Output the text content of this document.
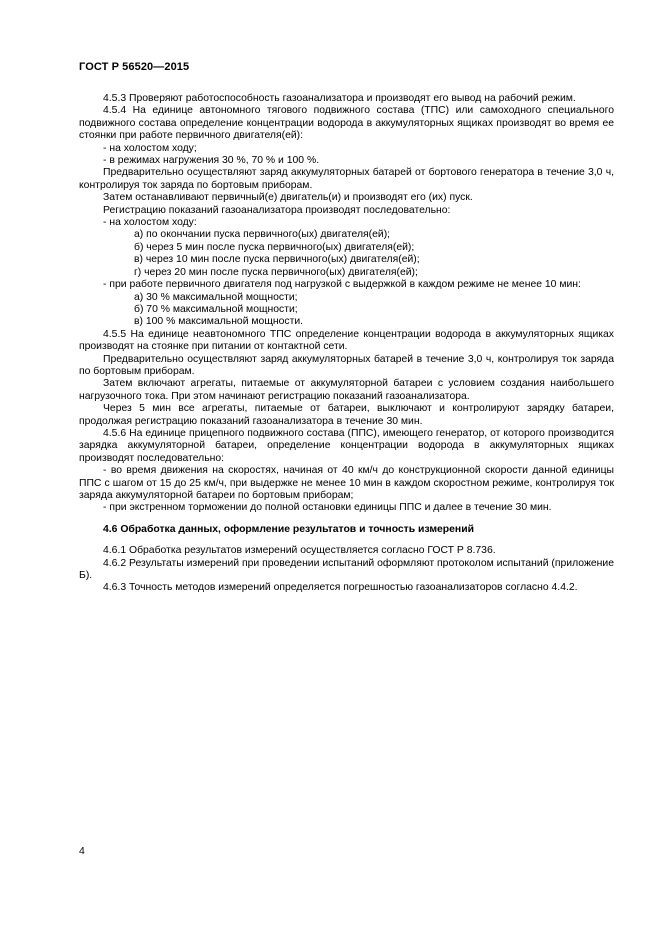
ГОСТ Р 56520—2015

4.5.3 Проверяют работоспособность газоанализатора и производят его вывод на рабочий режим.

4.5.4 На единице автономного тягового подвижного состава (ТПС) или самоходного специального подвижного состава определение концентрации водорода в аккумуляторных ящиках производят во время ее стоянки при работе первичного двигателя(ей):

- на холостом ходу;

- в режимах нагружения 30 %, 70 % и 100 %.

Предварительно осуществляют заряд аккумуляторных батарей от бортового генератора в течение 3,0 ч, контролируя ток заряда по бортовым приборам.

Затем останавливают первичный(е) двигатель(и) и производят его (их) пуск.

Регистрацию показаний газоанализатора производят последовательно:

- на холостом ходу:

а) по окончании пуска первичного(ых) двигателя(ей);

б) через 5 мин после пуска первичного(ых) двигателя(ей);

в) через 10 мин после пуска первичного(ых) двигателя(ей);

г) через 20 мин после пуска первичного(ых) двигателя(ей);

- при работе первичного двигателя под нагрузкой с выдержкой в каждом режиме не менее 10 мин:

а) 30 % максимальной мощности;

б) 70 % максимальной мощности;

в) 100 % максимальной мощности.

4.5.5 На единице неавтономного ТПС определение концентрации водорода в аккумуляторных ящиках производят на стоянке при питании от контактной сети.

Предварительно осуществляют заряд аккумуляторных батарей в течение 3,0 ч, контролируя ток заряда по бортовым приборам.

Затем включают агрегаты, питаемые от аккумуляторной батареи с условием создания наибольшего нагрузочного тока. При этом начинают регистрацию показаний газоанализатора.

Через 5 мин все агрегаты, питаемые от батареи, выключают и контролируют зарядку батареи, продолжая регистрацию показаний газоанализатора в течение 30 мин.

4.5.6 На единице прицепного подвижного состава (ППС), имеющего генератор, от которого производится зарядка аккумуляторной батареи, определение концентрации водорода в аккумуляторных ящиках производят последовательно:

- во время движения на скоростях, начиная от 40 км/ч до конструкционной скорости данной единицы ППС с шагом от 15 до 25 км/ч, при выдержке не менее 10 мин в каждом скоростном режиме, контролируя ток заряда аккумуляторной батареи по бортовым приборам;

- при экстренном торможении до полной остановки единицы ППС и далее в течение 30 мин.

4.6 Обработка данных, оформление результатов и точность измерений

4.6.1 Обработка результатов измерений осуществляется согласно ГОСТ Р 8.736.

4.6.2 Результаты измерений при проведении испытаний оформляют протоколом испытаний (приложение Б).

4.6.3 Точность методов измерений определяется погрешностью газоанализаторов согласно 4.4.2.

4
